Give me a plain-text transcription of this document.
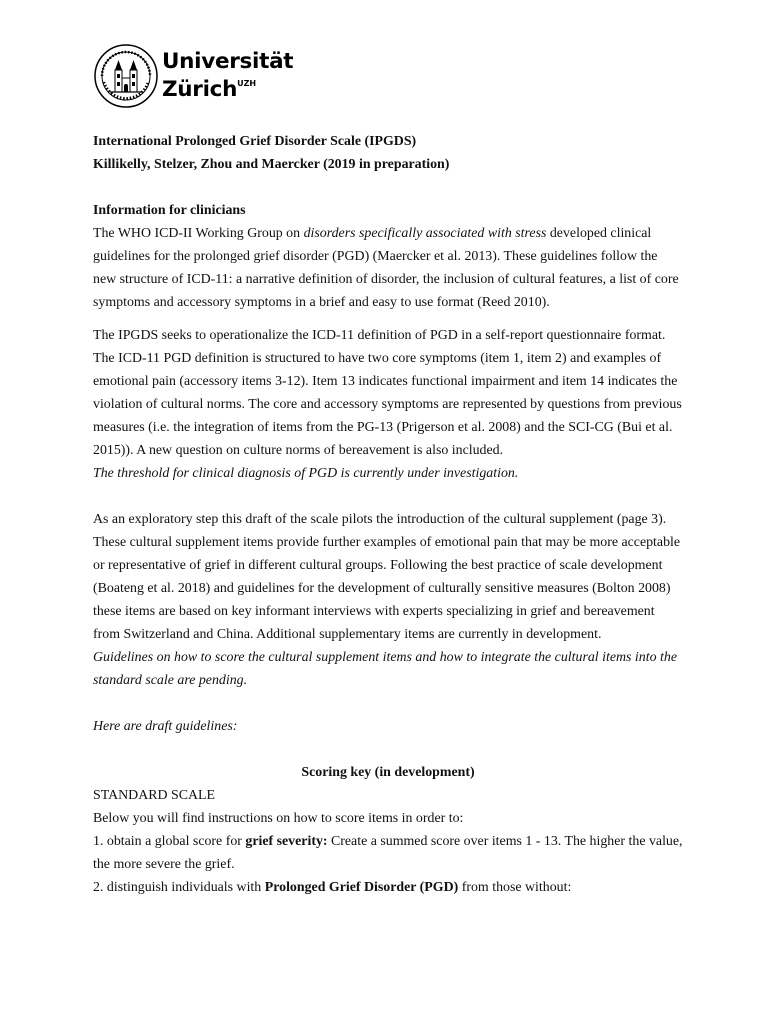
Universität
Zürich$^{UZH}$

International Prolonged Grief Disorder Scale (IPGDS)

Killikelly, Stelzer, Zhou and Maercker (2019 in preparation)

Information for clinicians

The WHO ICD-II Working Group on disorders specifically associated with stress developed clinical guidelines for the prolonged grief disorder (PGD) (Maercker et al. 2013). These guidelines follow the new structure of ICD-11: a narrative definition of disorder, the inclusion of cultural features, a list of core symptoms and accessory symptoms in a brief and easy to use format (Reed 2010).

The IPGDS seeks to operationalize the ICD-11 definition of PGD in a self-report questionnaire format. The ICD-11 PGD definition is structured to have two core symptoms (item 1, item 2) and examples of emotional pain (accessory items 3-12). Item 13 indicates functional impairment and item 14 indicates the violation of cultural norms. The core and accessory symptoms are represented by questions from previous measures (i.e. the integration of items from the PG-13 (Prigerson et al. 2008) and the SCI-CG (Bui et al. 2015)). A new question on culture norms of bereavement is also included.
The threshold for clinical diagnosis of PGD is currently under investigation.

As an exploratory step this draft of the scale pilots the introduction of the cultural supplement (page 3). These cultural supplement items provide further examples of emotional pain that may be more acceptable or representative of grief in different cultural groups. Following the best practice of scale development (Boateng et al. 2018) and guidelines for the development of culturally sensitive measures (Bolton 2008) these items are based on key informant interviews with experts specializing in grief and bereavement from Switzerland and China. Additional supplementary items are currently in development.
Guidelines on how to score the cultural supplement items and how to integrate the cultural items into the standard scale are pending.

Here are draft guidelines:

Scoring key (in development)

STANDARD SCALE

Below you will find instructions on how to score items in order to:

1. obtain a global score for grief severity: Create a summed score over items 1 - 13. The higher the value, the more severe the grief.

2. distinguish individuals with Prolonged Grief Disorder (PGD) from those without:
